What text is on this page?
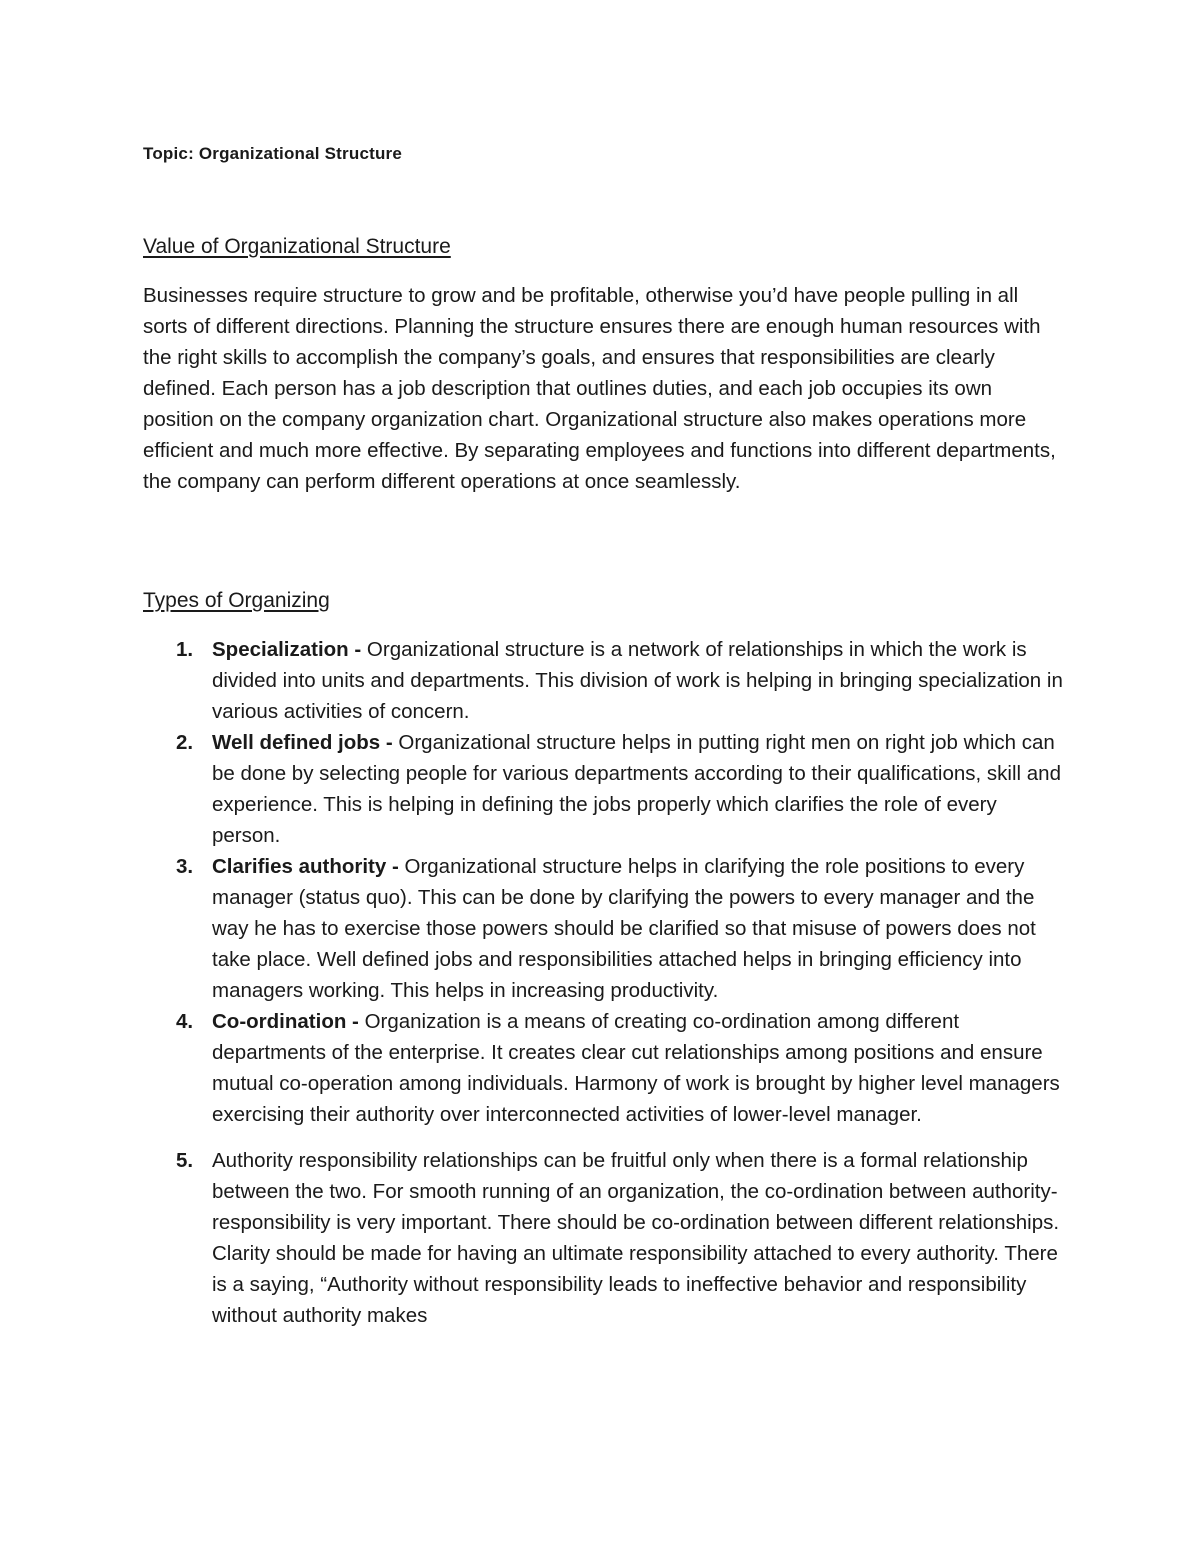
Topic: Organizational Structure
Value of Organizational Structure

Businesses require structure to grow and be profitable, otherwise you’d have people pulling in all sorts of different directions. Planning the structure ensures there are enough human resources with the right skills to accomplish the company’s goals, and ensures that responsibilities are clearly defined. Each person has a job description that outlines duties, and each job occupies its own position on the company organization chart. Organizational structure also makes operations more efficient and much more effective. By separating employees and functions into different departments, the company can perform different operations at once seamlessly.

Types of Organizing
1. Specialization - Organizational structure is a network of relationships in which the work is divided into units and departments. This division of work is helping in bringing specialization in various activities of concern.
2. Well defined jobs - Organizational structure helps in putting right men on right job which can be done by selecting people for various departments according to their qualifications, skill and experience. This is helping in defining the jobs properly which clarifies the role of every person.
3. Clarifies authority - Organizational structure helps in clarifying the role positions to every manager (status quo). This can be done by clarifying the powers to every manager and the way he has to exercise those powers should be clarified so that misuse of powers does not take place. Well defined jobs and responsibilities attached helps in bringing efficiency into managers working. This helps in increasing productivity.
4. Co-ordination - Organization is a means of creating co-ordination among different departments of the enterprise. It creates clear cut relationships among positions and ensure mutual co-operation among individuals. Harmony of work is brought by higher level managers exercising their authority over interconnected activities of lower-level manager.
5. Authority responsibility relationships can be fruitful only when there is a formal relationship between the two. For smooth running of an organization, the co-ordination between authority- responsibility is very important. There should be co-ordination between different relationships. Clarity should be made for having an ultimate responsibility attached to every authority. There is a saying, “Authority without responsibility leads to ineffective behavior and responsibility without authority makes
